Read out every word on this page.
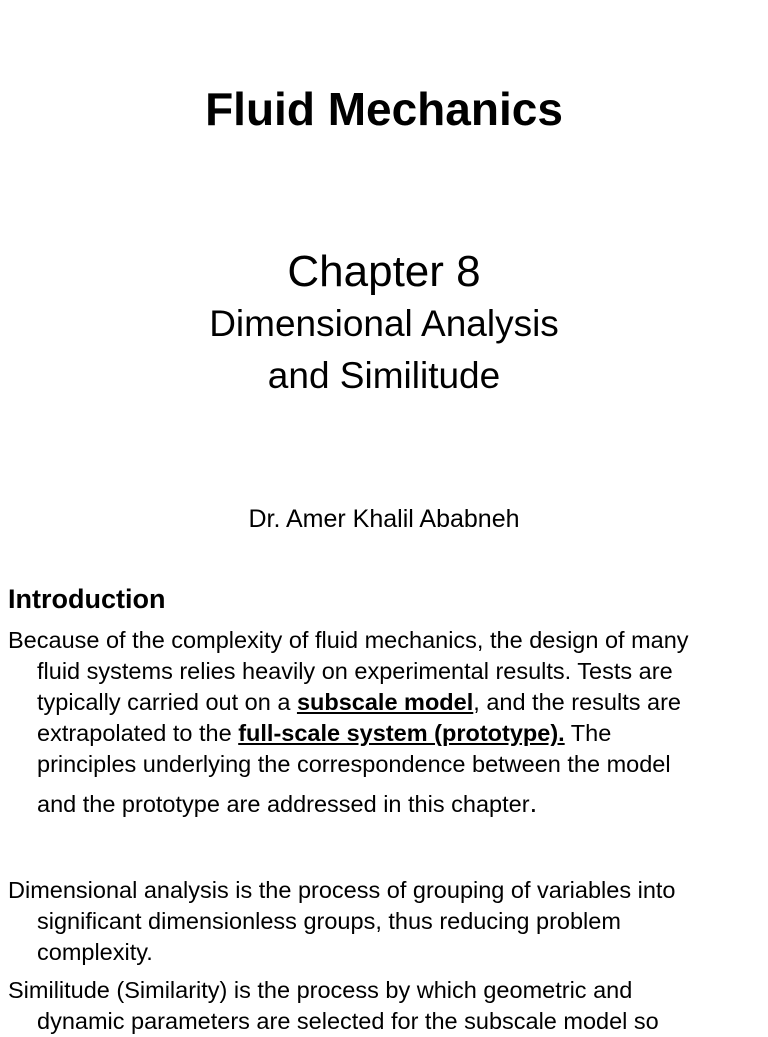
Fluid Mechanics
Chapter 8
Dimensional Analysis
and Similitude
Dr. Amer Khalil Ababneh
Introduction
Because of the complexity of fluid mechanics, the design of many
fluid systems relies heavily on experimental results. Tests are
typically carried out on a subscale model, and the results are
extrapolated to the full-scale system (prototype). The
principles underlying the correspondence between the model
and the prototype are addressed in this chapter.
Dimensional analysis is the process of grouping of variables into
significant dimensionless groups, thus reducing problem
complexity.
Similitude (Similarity) is the process by which geometric and
dynamic parameters are selected for the subscale model so
